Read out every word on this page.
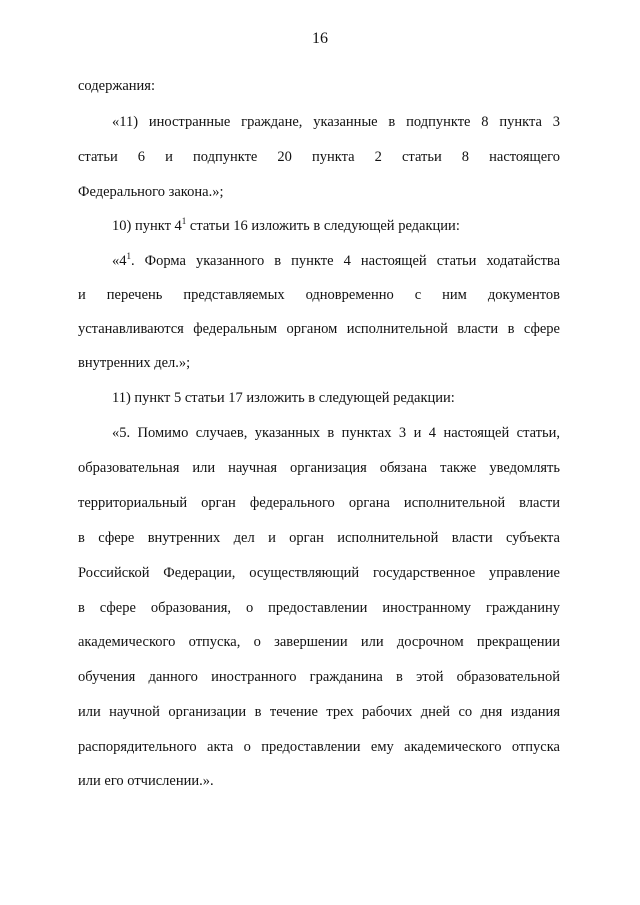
16
содержания:
«11) иностранные граждане, указанные в подпункте 8 пункта 3
статьи 6 и подпункте 20 пункта 2 статьи 8 настоящего
Федерального закона.»;
10) пункт $4^1$ статьи 16 изложить в следующей редакции:
«$4^1$. Форма указанного в пункте 4 настоящей статьи ходатайства
и перечень представляемых одновременно с ним документов
устанавливаются федеральным органом исполнительной власти в сфере
внутренних дел.»;
11) пункт 5 статьи 17 изложить в следующей редакции:
«5. Помимо случаев, указанных в пунктах 3 и 4 настоящей статьи,
образовательная или научная организация обязана также уведомлять
территориальный орган федерального органа исполнительной власти
в сфере внутренних дел и орган исполнительной власти субъекта
Российской Федерации, осуществляющий государственное управление
в сфере образования, о предоставлении иностранному гражданину
академического отпуска, о завершении или досрочном прекращении
обучения данного иностранного гражданина в этой образовательной
или научной организации в течение трех рабочих дней со дня издания
распорядительного акта о предоставлении ему академического отпуска
или его отчислении.».
